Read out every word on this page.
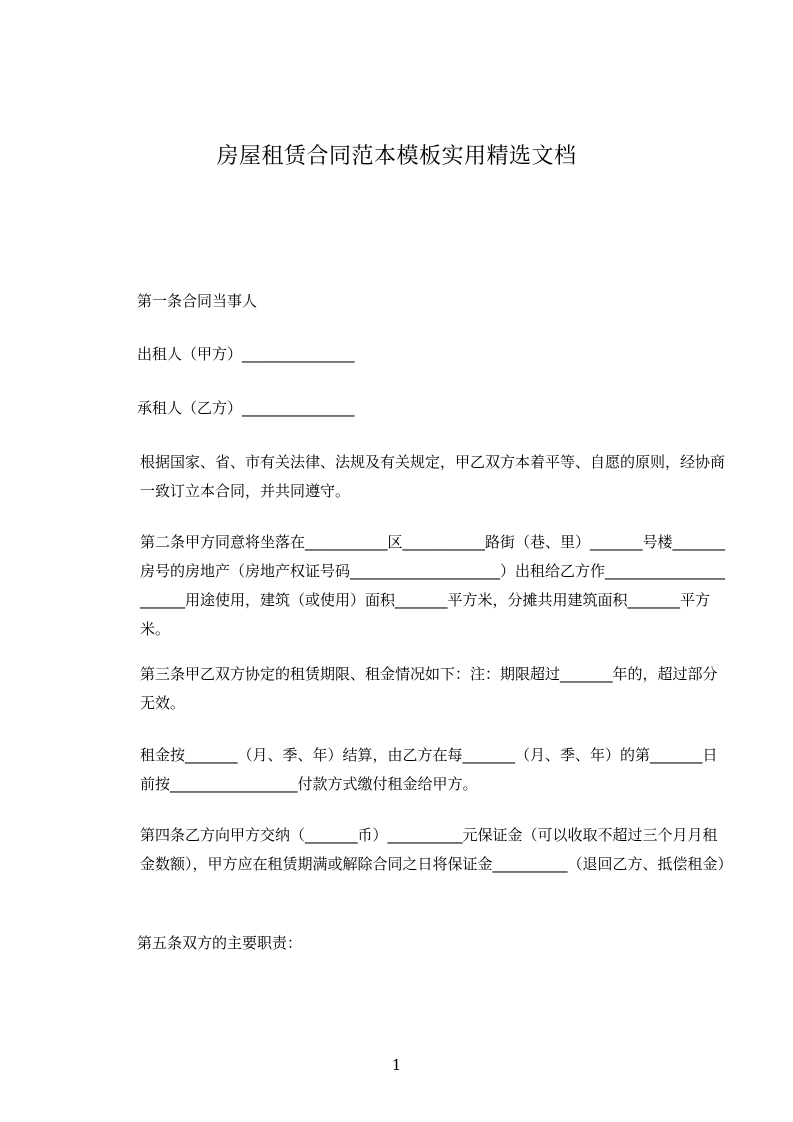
房屋租赁合同范本模板实用精选文档

第一条合同当事人

出租人（甲方）_______________

承租人（乙方）_______________

根据国家、省、市有关法律、法规及有关规定，甲乙双方本着平等、自愿的原则，经协商一致订立本合同，并共同遵守。

第二条甲方同意将坐落在___________区___________路街（巷、里）_______号楼_______房号的房地产（房地产权证号码____________________）出租给乙方作______________________用途使用，建筑（或使用）面积_______平方米，分摊共用建筑面积_______平方米。

第三条甲乙双方协定的租赁期限、租金情况如下：注：期限超过_______年的，超过部分无效。

租金按_______（月、季、年）结算，由乙方在每_______（月、季、年）的第_______日前按_________________付款方式缴付租金给甲方。

第四条乙方向甲方交纳（_______币）__________元保证金（可以收取不超过三个月月租金数额），甲方应在租赁期满或解除合同之日将保证金__________（退回乙方、抵偿租金）

第五条双方的主要职责：

1
